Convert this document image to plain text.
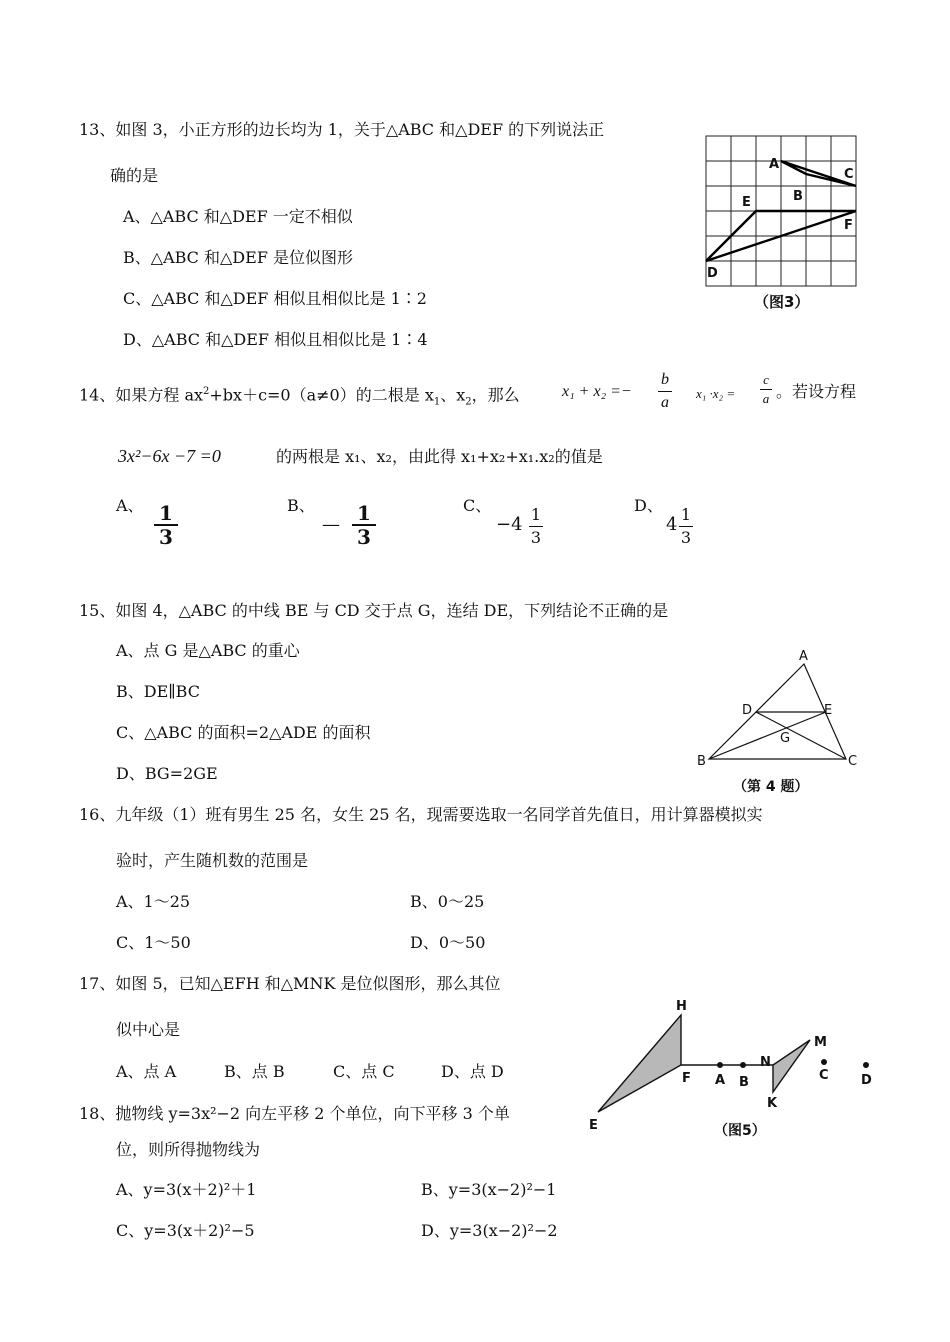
13、如图 3，小正方形的边长均为 1，关于△ABC 和△DEF 的下列说法正
确的是
A、△ABC 和△DEF 一定不相似
B、△ABC 和△DEF 是位似图形
C、△ABC 和△DEF 相似且相似比是 1∶2
D、△ABC 和△DEF 相似且相似比是 1∶4
A
B
C
D
E
F
（图3）
14、如果方程 $ax^2+bx+c=0(a\ne 0)$的二根是 $x_1$、$x_2$，那么	x₁ + x₂ =−
b
a
x₁ ·x₂ =
c
a 。若设方程
3x²−6x −7 =0	的两根是 x₁、x₂，由此得 x₁+x₂+x₁.x₂的值是
A、 1
3
B、
— 1
3
C、
−4 1
3
D、
4 1
3
15、如图 4，△ABC 的中线 BE 与 CD 交于点 G，连结 DE，下列结论不正确的是
A、点 G 是△ABC 的重心
B、DE∥BC
C、△ABC 的面积=2△ADE 的面积
D、BG=2GE
A
B	C
D	E
G
（第 4 题）
16、九年级（1）班有男生 25 名，女生 25 名，现需要选取一名同学首先值日，用计算器模拟实
验时，产生随机数的范围是
A、1～25	B、0～25
C、1～50	D、0～50
17、如图 5，已知△EFH 和△MNK 是位似图形，那么其位
似中心是
A、点 A	B、点 B	C、点 C	D、点 D
H
F
E
A B
N
M
K
C D
（图5）
18、抛物线 y=3x²−2 向左平移 2 个单位，向下平移 3 个单
位，则所得抛物线为
A、y=3(x＋2)²＋1	B、y=3(x−2)²−1
C、y=3(x＋2)²−5	D、y=3(x−2)²−2
